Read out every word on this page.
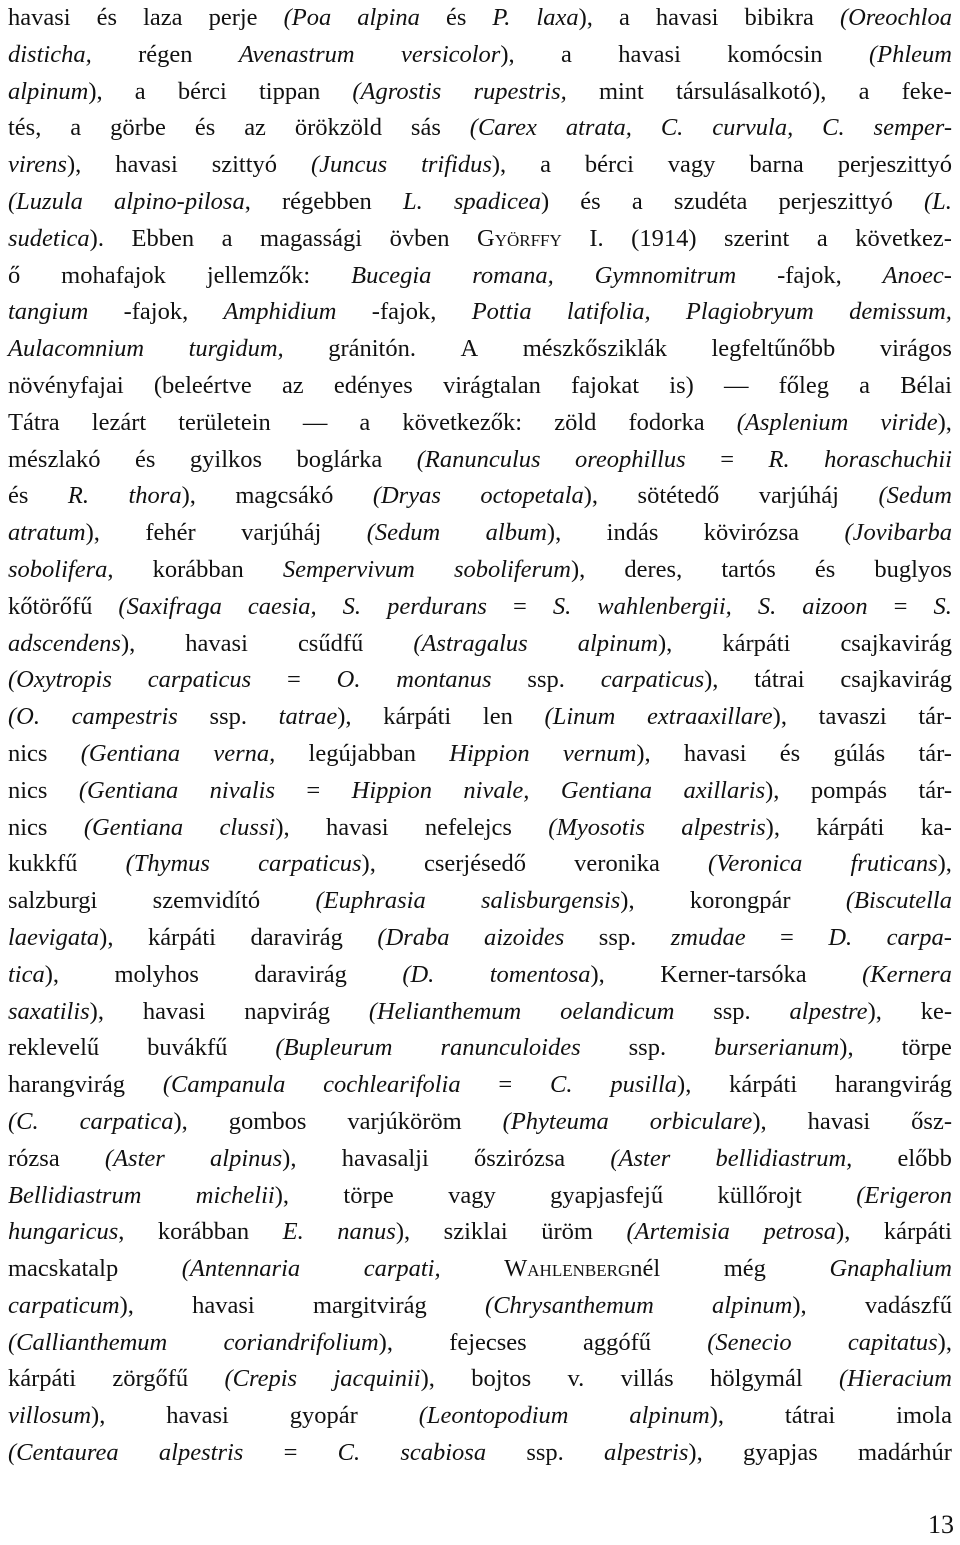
havasi és laza perje (Poa alpina és P. laxa), a havasi bibikra (Oreochloa
disticha, régen Avenastrum versicolor), a havasi komócsin (Phleum
alpinum), a bérci tippan (Agrostis rupestris, mint társulásalkotó), a feke-
tés, a görbe és az örökzöld sás (Carex atrata, C. curvula, C. semper-
virens), havasi szittyó (Juncus trifidus), a bérci vagy barna perjeszittyó
(Luzula alpino-pilosa, régebben L. spadicea) és a szudéta perjeszittyó (L.
sudetica). Ebben a magassági övben Györffy I. (1914) szerint a következ-
ő mohafajok jellemzők: Bucegia romana, Gymnomitrum -fajok, Anoec-
tangium -fajok, Amphidium -fajok, Pottia latifolia, Plagiobryum demissum,
Aulacomnium turgidum, gránitón. A mészkősziklák legfeltűnőbb virágos
növényfajai (beleértve az edényes virágtalan fajokat is) — főleg a Bélai
Tátra lezárt területein — a következők: zöld fodorka (Asplenium viride),
mészlakó és gyilkos boglárka (Ranunculus oreophillus = R. horaschuchii
és R. thora), magcsákó (Dryas octopetala), sötétedő varjúháj (Sedum
atratum), fehér varjúháj (Sedum album), indás kövirózsa (Jovibarba
sobolifera, korábban Sempervivum soboliferum), deres, tartós és buglyos
kőtörőfű (Saxifraga caesia, S. perdurans = S. wahlenbergii, S. aizoon = S.
adscendens), havasi csűdfű (Astragalus alpinum), kárpáti csajkavirág
(Oxytropis carpaticus = O. montanus ssp. carpaticus), tátrai csajkavirág
(O. campestris ssp. tatrae), kárpáti len (Linum extraaxillare), tavaszi tár-
nics (Gentiana verna, legújabban Hippion vernum), havasi és gúlás tár-
nics (Gentiana nivalis = Hippion nivale, Gentiana axillaris), pompás tár-
nics (Gentiana clussi), havasi nefelejcs (Myosotis alpestris), kárpáti ka-
kukkfű (Thymus carpaticus), cserjésedő veronika (Veronica fruticans),
salzburgi szemvidító (Euphrasia salisburgensis), korongpár (Biscutella
laevigata), kárpáti daravirág (Draba aizoides ssp. zmudae = D. carpa-
tica), molyhos daravirág (D. tomentosa), Kerner-tarsóka (Kernera
saxatilis), havasi napvirág (Helianthemum oelandicum ssp. alpestre), ke-
reklevelű buvákfű (Bupleurum ranunculoides ssp. burserianum), törpe
harangvirág (Campanula cochlearifolia = C. pusilla), kárpáti harangvirág
(C. carpatica), gombos varjúköröm (Phyteuma orbiculare), havasi ősz-
rózsa (Aster alpinus), havasalji őszirózsa (Aster bellidiastrum, előbb
Bellidiastrum michelii), törpe vagy gyapjasfejű küllőrojt (Erigeron
hungaricus, korábban E. nanus), sziklai üröm (Artemisia petrosa), kárpáti
macskatalp	(Antennaria	carpati,	Wahlenbergnél	még	Gnaphalium
carpaticum), havasi margitvirág (Chrysanthemum alpinum), vadászfű
(Callianthemum coriandrifolium), fejecses aggófű (Senecio capitatus),
kárpáti zörgőfű (Crepis jacquinii), bojtos v. villás hölgymál (Hieracium
villosum), havasi gyopár (Leontopodium alpinum), tátrai imola
(Centaurea alpestris = C. scabiosa ssp. alpestris), gyapjas madárhúr
13
